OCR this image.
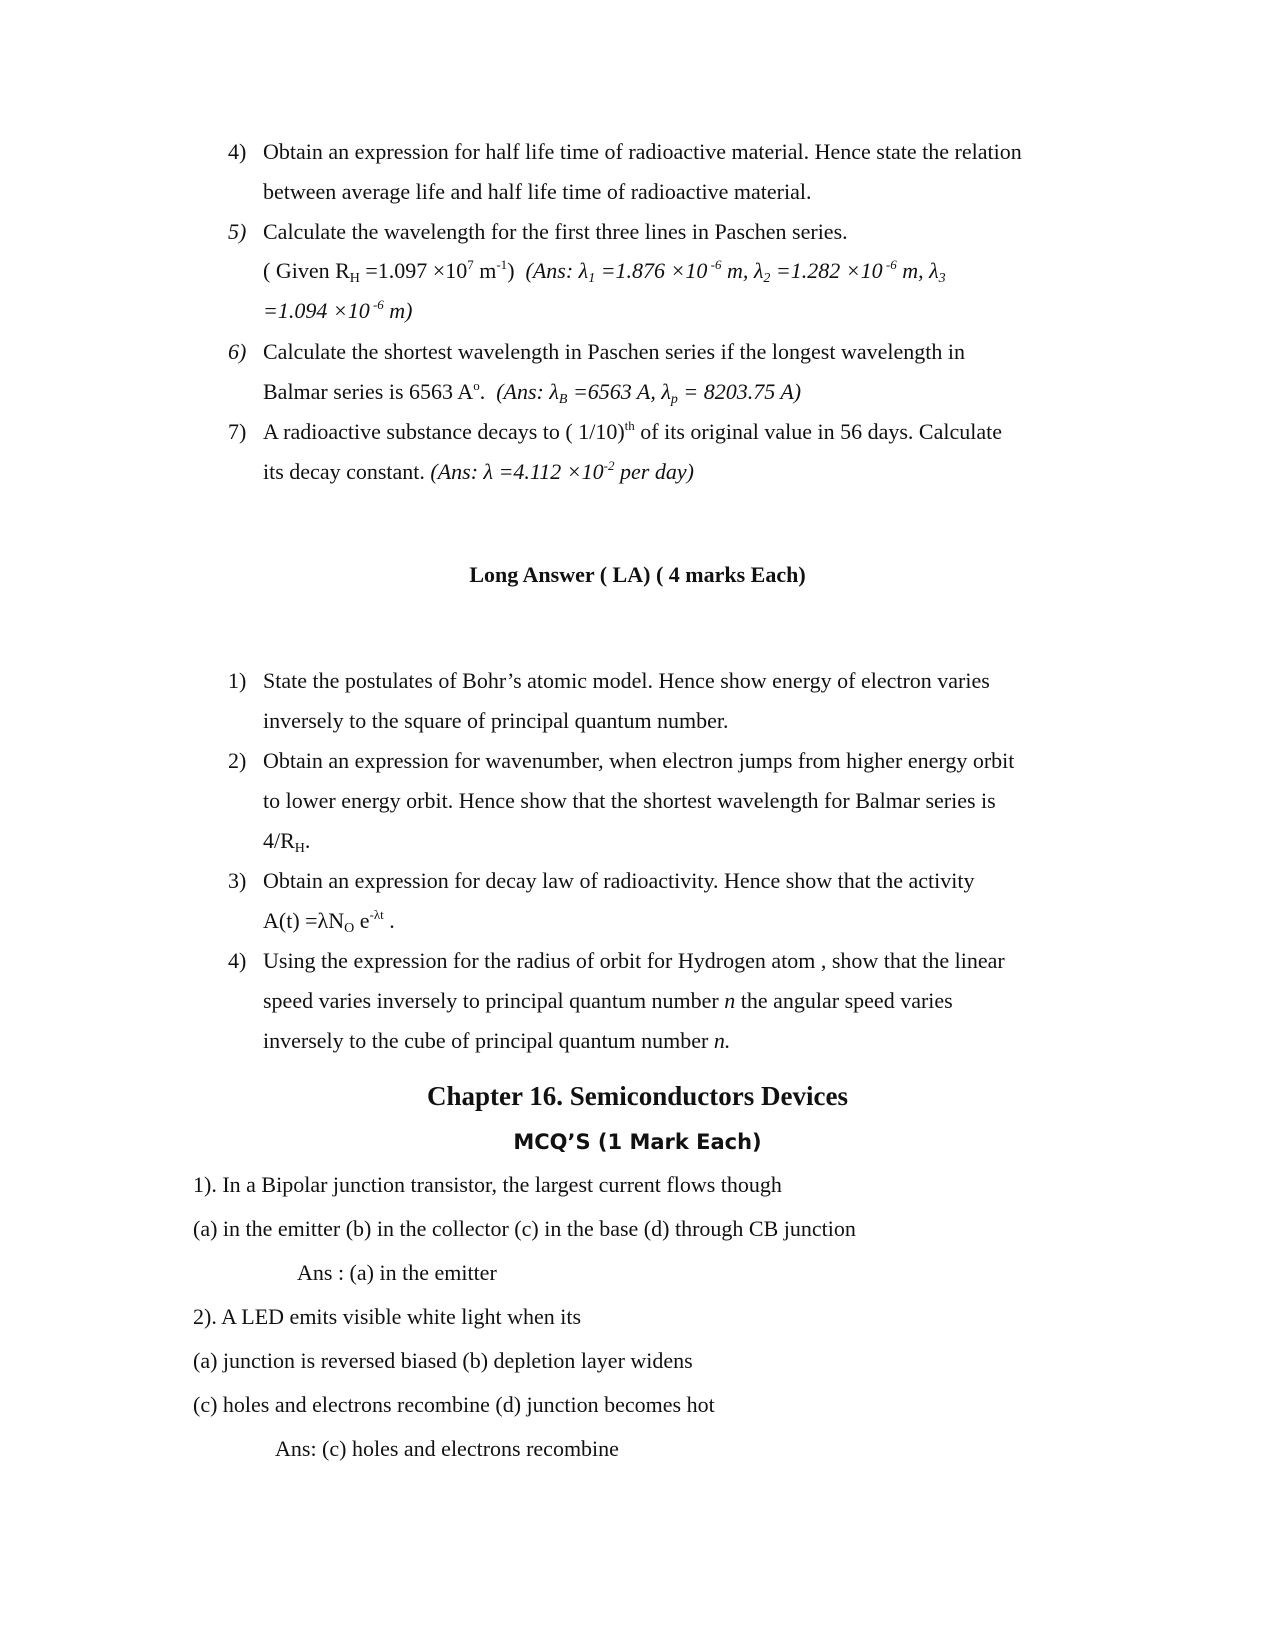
4) Obtain an expression for half life time of radioactive material. Hence state the relation
between average life and half life time of radioactive material.
5) Calculate the wavelength for the first three lines in Paschen series.
( Given $R_H =1.097 \times 10^7$ $m^{-1}$) (Ans: $\lambda_1 =1.876 \times 10$ $^{-6}$ m, $\lambda_2 =1.282 \times 10$ $^{-6}$ m, $\lambda_3$
=1.094 ×10 $^{-6}$ m)
6) Calculate the shortest wavelength in Paschen series if the longest wavelength in
Balmar series is 6563 $A^o$. (Ans: $\lambda_B =6563$ A, $\lambda_p = 8203.75$ A)
7) A radioactive substance decays to ( 1/10)$^{th}$ of its original value in 56 days. Calculate
its decay constant. (Ans: $\lambda =4.112 \times 10^{-2}$ per day)
Long Answer ( LA) ( 4 marks Each)
1) State the postulates of Bohr’s atomic model. Hence show energy of electron varies
inversely to the square of principal quantum number.
2) Obtain an expression for wavenumber, when electron jumps from higher energy orbit
to lower energy orbit. Hence show that the shortest wavelength for Balmar series is
$4/R_H$.
3) Obtain an expression for decay law of radioactivity. Hence show that the activity
$A(t) =\lambda N_O$ $e^{-\lambda t}$ .
4) Using the expression for the radius of orbit for Hydrogen atom , show that the linear
speed varies inversely to principal quantum number n the angular speed varies
inversely to the cube of principal quantum number n.
Chapter 16. Semiconductors Devices
MCQ’S (1 Mark Each)
1). In a Bipolar junction transistor, the largest current flows though
(a) in the emitter (b) in the collector (c) in the base (d) through CB junction
Ans : (a) in the emitter
2). A LED emits visible white light when its
(a) junction is reversed biased (b) depletion layer widens
(c) holes and electrons recombine (d) junction becomes hot
Ans: (c) holes and electrons recombine
